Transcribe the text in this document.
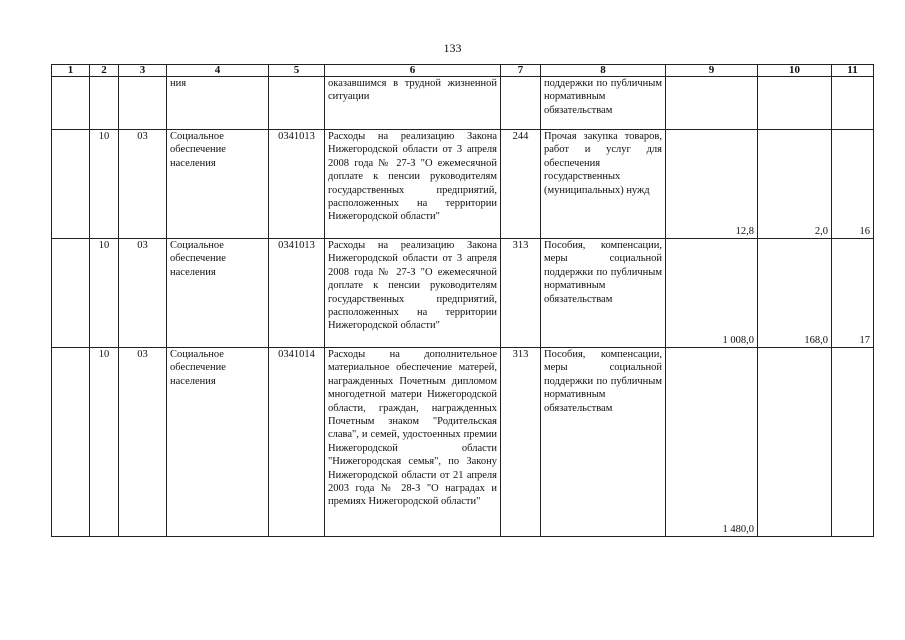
133
1	2	3	4	5	6	7	8	9	10	11
			ния		оказавшимся в трудной жизненной ситуации		поддержки по публичным нормативным обязательствам			
	10	03	Социальное обеспечение населения	0341013	Расходы на реализацию Закона Нижегородской области от 3 апреля 2008 года № 27-З "О ежемесячной доплате к пенсии руководителям государственных предприятий, расположенных на территории Нижегородской области"	244	Прочая закупка товаров, работ и услуг для обеспечения государственных (муниципальных) нужд	12,8	2,0	16
	10	03	Социальное обеспечение населения	0341013	Расходы на реализацию Закона Нижегородской области от 3 апреля 2008 года № 27-З "О ежемесячной доплате к пенсии руководителям государственных предприятий, расположенных на территории Нижегородской области"	313	Пособия, компенсации, меры социальной поддержки по публичным нормативным обязательствам	1 008,0	168,0	17
	10	03	Социальное обеспечение населения	0341014	Расходы на дополнительное материальное обеспечение матерей, награжденных Почетным дипломом многодетной матери Нижегородской области, граждан, награжденных Почетным знаком "Родительская слава", и семей, удостоенных премии Нижегородской области "Нижегородская семья", по Закону Нижегородской области от 21 апреля 2003 года № 28-З "О наградах и премиях Нижегородской области"	313	Пособия, компенсации, меры социальной поддержки по публичным нормативным обязательствам	1 480,0		
